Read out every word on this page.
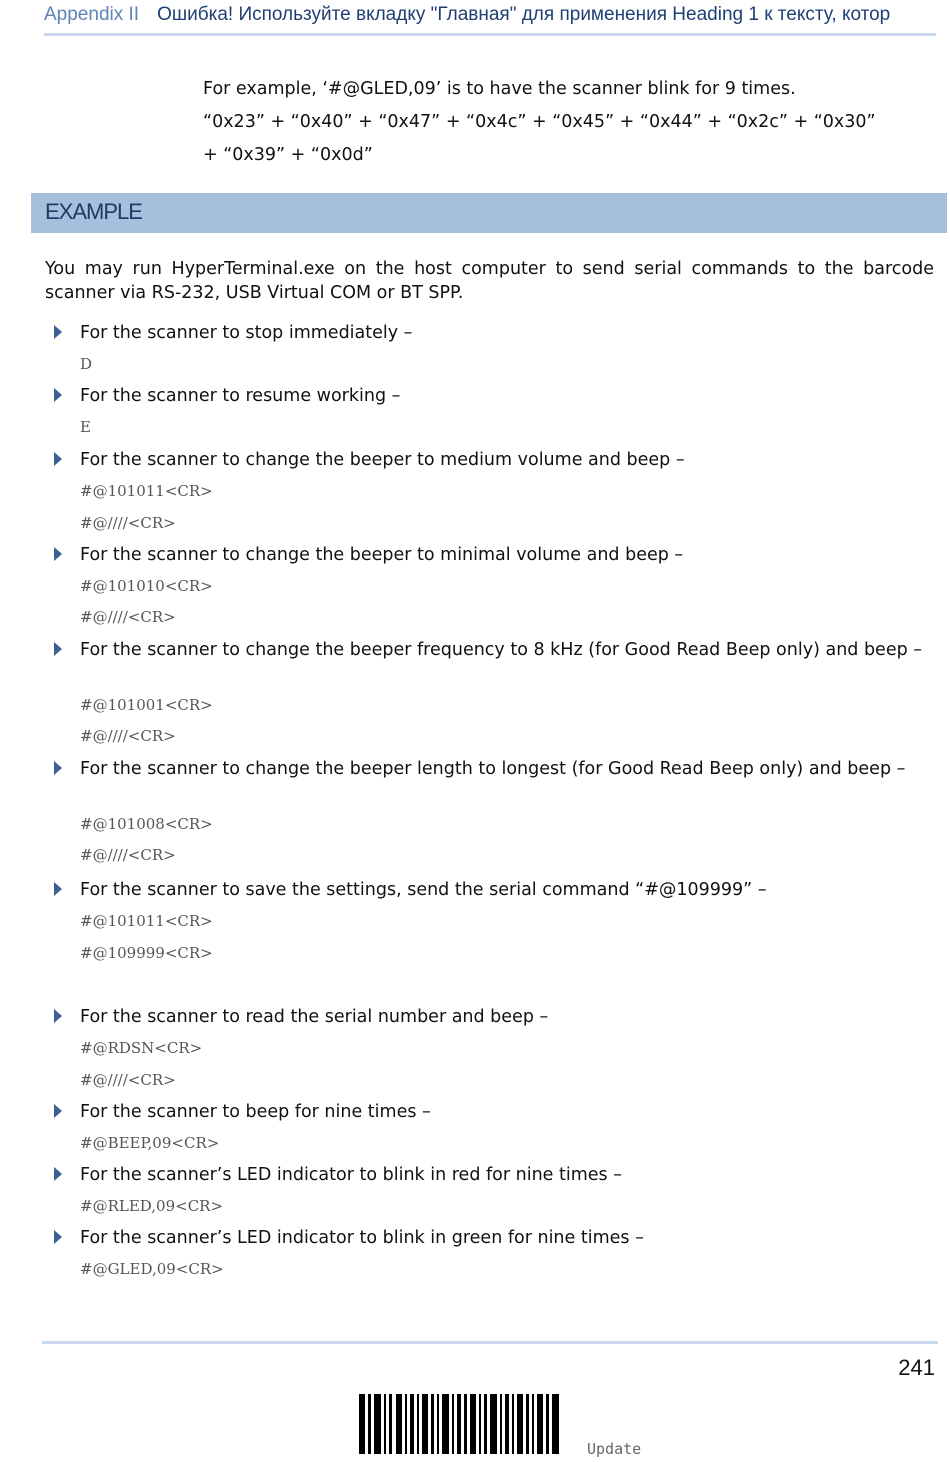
Appendix II Ошибка! Используйте вкладку "Главная" для применения Heading 1 к тексту, котор
For example, ‘#@GLED,09’ is to have the scanner blink for 9 times.
“0x23” + “0x40” + “0x47” + “0x4c” + “0x45” + “0x44” + “0x2c” + “0x30”
+ “0x39” + “0x0d”
EXAMPLE
You may run HyperTerminal.exe on the host computer to send serial commands to the barcode scanner via RS-232, USB Virtual COM or BT SPP.
For the scanner to stop immediately –
D
For the scanner to resume working –
E
For the scanner to change the beeper to medium volume and beep –
#@101011<CR>
#@////<CR>
For the scanner to change the beeper to minimal volume and beep –
#@101010<CR>
#@////<CR>
For the scanner to change the beeper frequency to 8 kHz (for Good Read Beep only) and beep –
#@101001<CR>
#@////<CR>
For the scanner to change the beeper length to longest (for Good Read Beep only) and beep –
#@101008<CR>
#@////<CR>
For the scanner to save the settings, send the serial command “#@109999” –
#@101011<CR>
#@109999<CR>
For the scanner to read the serial number and beep –
#@RDSN<CR>
#@////<CR>
For the scanner to beep for nine times –
#@BEEP,09<CR>
For the scanner’s LED indicator to blink in red for nine times –
#@RLED,09<CR>
For the scanner’s LED indicator to blink in green for nine times –
#@GLED,09<CR>
241
Update
